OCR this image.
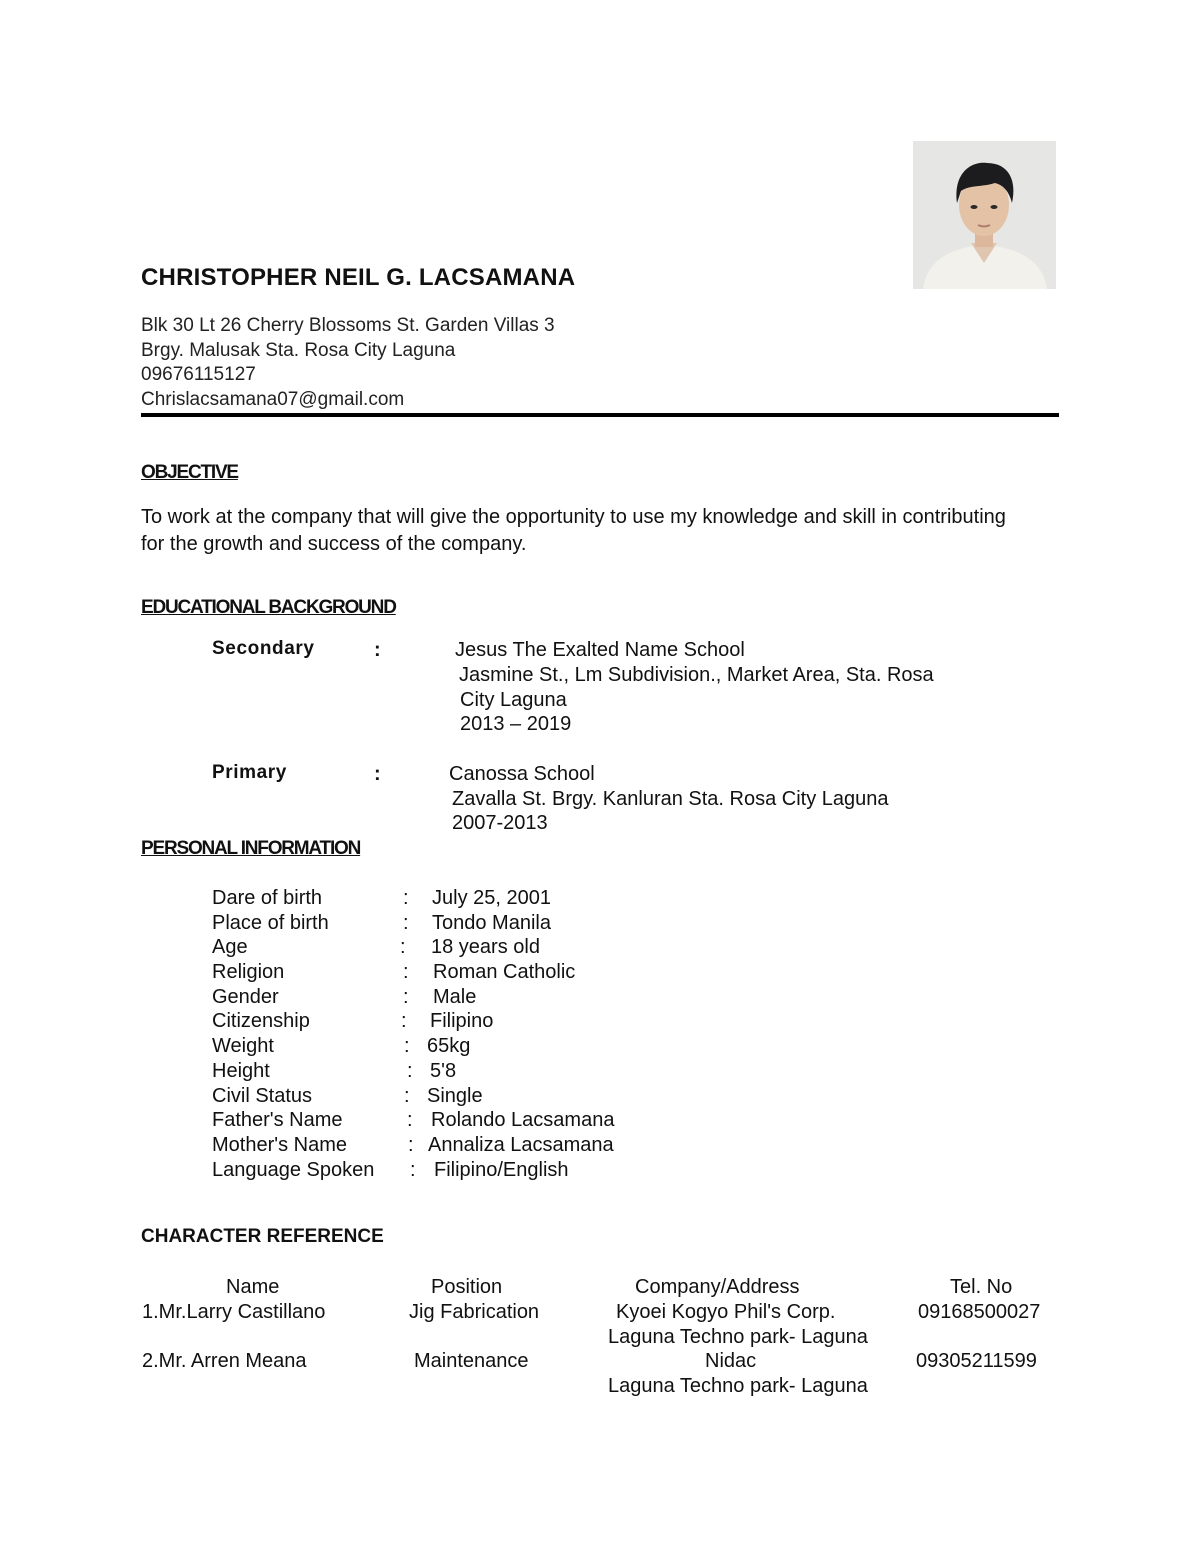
CHRISTOPHER NEIL G. LACSAMANA
Blk 30 Lt 26 Cherry Blossoms St. Garden Villas 3
Brgy. Malusak Sta. Rosa City Laguna
09676115127
Chrislacsamana07@gmail.com
OBJECTIVE
To work at the company that will give the opportunity to use my knowledge and skill in contributing for the growth and success of the company.
EDUCATIONAL BACKGROUND
Secondary	:	Jesus The Exalted Name School
Jasmine St., Lm Subdivision., Market Area, Sta. Rosa
City Laguna
2013 – 2019
Primary	:	Canossa School
Zavalla St. Brgy. Kanluran Sta. Rosa City Laguna
2007-2013
PERSONAL INFORMATION
Dare of birth	: July 25, 2001
Place of birth	: Tondo Manila
Age	: 18 years old
Religion	: Roman Catholic
Gender	: Male
Citizenship	: Filipino
Weight	: 65kg
Height	: 5'8
Civil Status	: Single
Father's Name	: Rolando Lacsamana
Mother's Name	: Annaliza Lacsamana
Language Spoken : Filipino/English
CHARACTER REFERENCE
Name	Position	Company/Address	Tel. No
1.Mr.Larry Castillano	Jig Fabrication	Kyoei Kogyo Phil's Corp.	09168500027
Laguna Techno park- Laguna
2.Mr. Arren Meana	Maintenance	Nidac	09305211599
Laguna Techno park- Laguna
